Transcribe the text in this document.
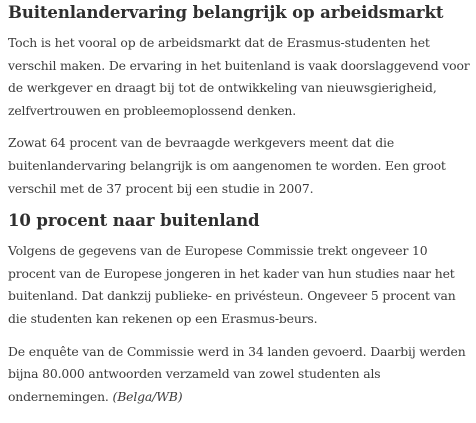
Buitenlandervaring belangrijk op arbeidsmarkt

Toch is het vooral op de arbeidsmarkt dat de Erasmus-studenten het verschil maken. De ervaring in het buitenland is vaak doorslaggevend voor de werkgever en draagt bij tot de ontwikkeling van nieuwsgierigheid, zelfvertrouwen en probleemoplossend denken.

Zowat 64 procent van de bevraagde werkgevers meent dat die buitenlandervaring belangrijk is om aangenomen te worden. Een groot verschil met de 37 procent bij een studie in 2007.

10 procent naar buitenland

Volgens de gegevens van de Europese Commissie trekt ongeveer 10 procent van de Europese jongeren in het kader van hun studies naar het buitenland. Dat dankzij publieke- en privésteun. Ongeveer 5 procent van die studenten kan rekenen op een Erasmus-beurs.

De enquête van de Commissie werd in 34 landen gevoerd. Daarbij werden bijna 80.000 antwoorden verzameld van zowel studenten als ondernemingen. (Belga/WB)
